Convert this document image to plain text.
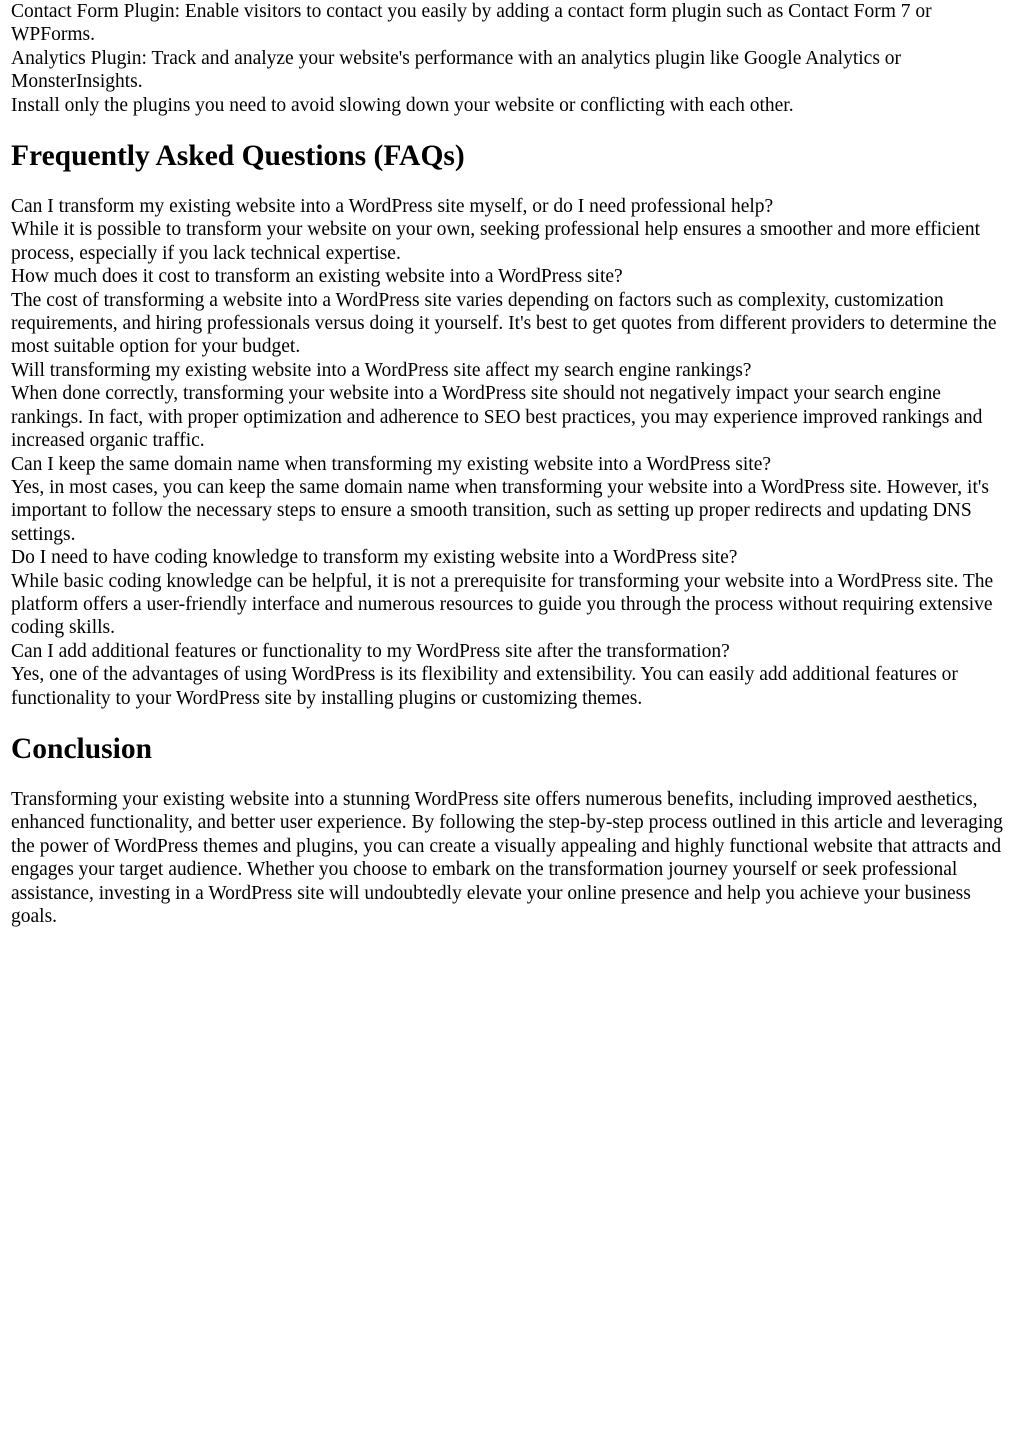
Contact Form Plugin: Enable visitors to contact you easily by adding a contact form plugin such as Contact Form 7 or WPForms.

Analytics Plugin: Track and analyze your website's performance with an analytics plugin like Google Analytics or MonsterInsights.

Install only the plugins you need to avoid slowing down your website or conflicting with each other.

Frequently Asked Questions (FAQs)

Can I transform my existing website into a WordPress site myself, or do I need professional help?

While it is possible to transform your website on your own, seeking professional help ensures a smoother and more efficient process, especially if you lack technical expertise.

How much does it cost to transform an existing website into a WordPress site?

The cost of transforming a website into a WordPress site varies depending on factors such as complexity, customization requirements, and hiring professionals versus doing it yourself. It's best to get quotes from different providers to determine the most suitable option for your budget.

Will transforming my existing website into a WordPress site affect my search engine rankings?

When done correctly, transforming your website into a WordPress site should not negatively impact your search engine rankings. In fact, with proper optimization and adherence to SEO best practices, you may experience improved rankings and increased organic traffic.

Can I keep the same domain name when transforming my existing website into a WordPress site?

Yes, in most cases, you can keep the same domain name when transforming your website into a WordPress site. However, it's important to follow the necessary steps to ensure a smooth transition, such as setting up proper redirects and updating DNS settings.

Do I need to have coding knowledge to transform my existing website into a WordPress site?

While basic coding knowledge can be helpful, it is not a prerequisite for transforming your website into a WordPress site. The platform offers a user-friendly interface and numerous resources to guide you through the process without requiring extensive coding skills.

Can I add additional features or functionality to my WordPress site after the transformation?

Yes, one of the advantages of using WordPress is its flexibility and extensibility. You can easily add additional features or functionality to your WordPress site by installing plugins or customizing themes.

Conclusion

Transforming your existing website into a stunning WordPress site offers numerous benefits, including improved aesthetics, enhanced functionality, and better user experience. By following the step-by-step process outlined in this article and leveraging the power of WordPress themes and plugins, you can create a visually appealing and highly functional website that attracts and engages your target audience. Whether you choose to embark on the transformation journey yourself or seek professional assistance, investing in a WordPress site will undoubtedly elevate your online presence and help you achieve your business goals.
